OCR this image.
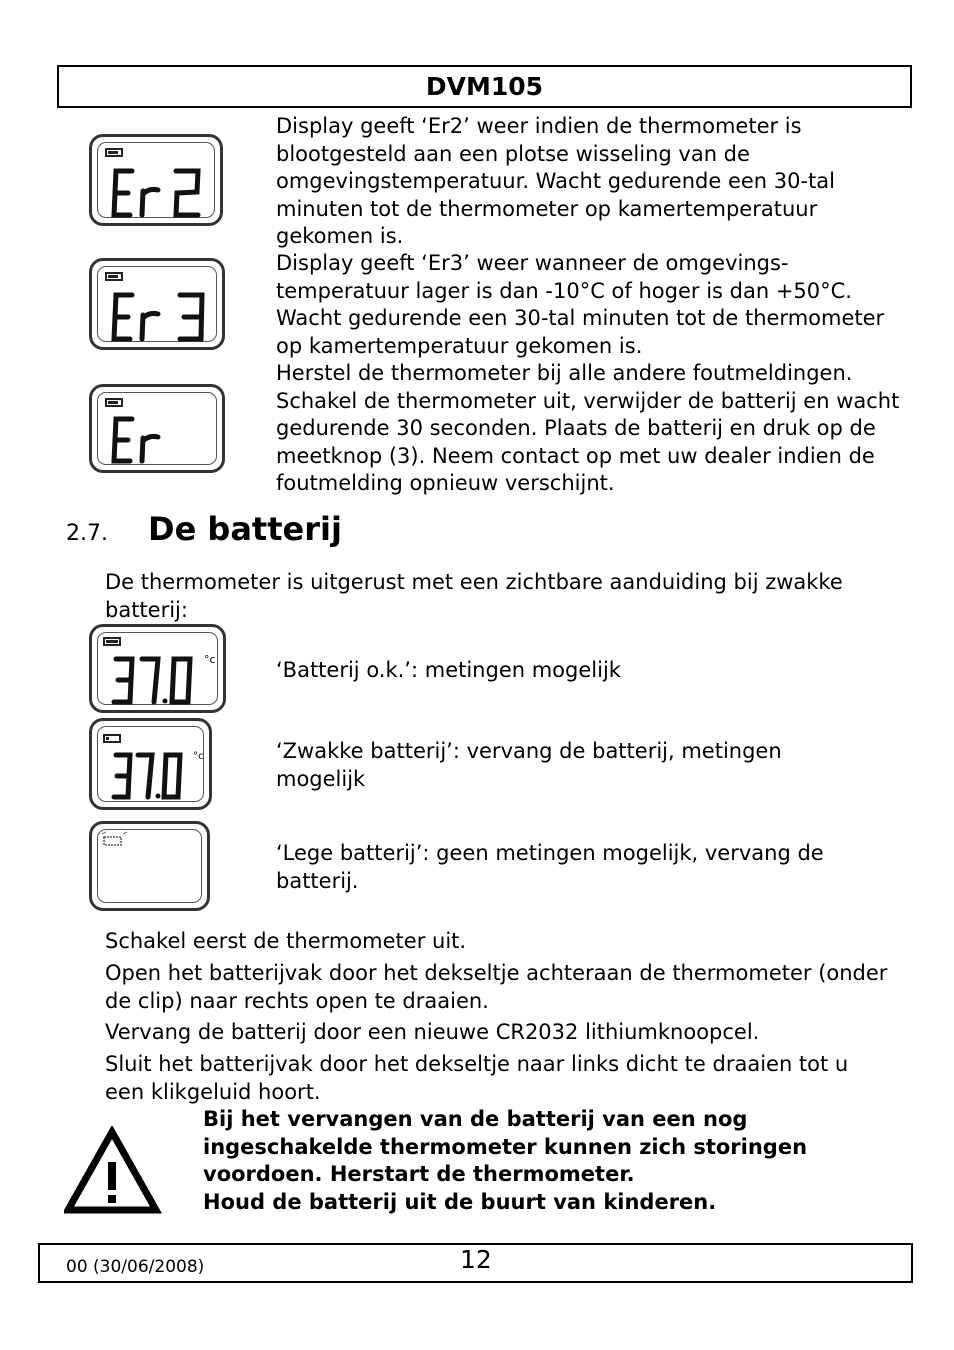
DVM105
Display geeft ‘Er2’ weer indien de thermometer is blootgesteld aan een plotse wisseling van de omgevingstemperatuur. Wacht gedurende een 30-tal minuten tot de thermometer op kamertemperatuur gekomen is.
Display geeft ‘Er3’ weer wanneer de omgevings-temperatuur lager is dan -10°C of hoger is dan +50°C. Wacht gedurende een 30-tal minuten tot de thermometer op kamertemperatuur gekomen is.
Herstel de thermometer bij alle andere foutmeldingen. Schakel de thermometer uit, verwijder de batterij en wacht gedurende 30 seconden. Plaats de batterij en druk op de meetknop (3). Neem contact op met uw dealer indien de foutmelding opnieuw verschijnt.
2.7.	De batterij
De thermometer is uitgerust met een zichtbare aanduiding bij zwakke batterij:
°c
°c
‘Batterij o.k.’: metingen mogelijk
‘Zwakke batterij’: vervang de batterij, metingen mogelijk
‘Lege batterij’: geen metingen mogelijk, vervang de batterij.
Schakel eerst de thermometer uit.
Open het batterijvak door het dekseltje achteraan de thermometer (onder de clip) naar rechts open te draaien.
Vervang de batterij door een nieuwe CR2032 lithiumknoopcel.
Sluit het batterijvak door het dekseltje naar links dicht te draaien tot u een klikgeluid hoort.
Bij het vervangen van de batterij van een nog ingeschakelde thermometer kunnen zich storingen voordoen. Herstart de thermometer.
Houd de batterij uit de buurt van kinderen.
00 (30/06/2008)	12
